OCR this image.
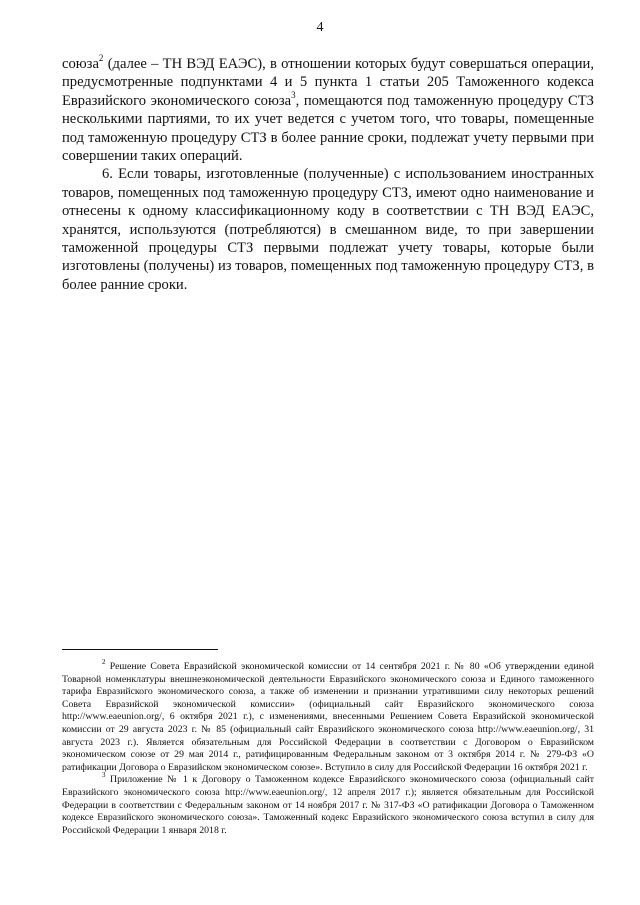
4

союза$^2$ (далее – ТН ВЭД ЕАЭС), в отношении которых будут совершаться операции, предусмотренные подпунктами 4 и 5 пункта 1 статьи 205 Таможенного кодекса Евразийского экономического союза$^3$, помещаются под таможенную процедуру СТЗ несколькими партиями, то их учет ведется с учетом того, что товары, помещенные под таможенную процедуру СТЗ в более ранние сроки, подлежат учету первыми при совершении таких операций.

6. Если товары, изготовленные (полученные) с использованием иностранных товаров, помещенных под таможенную процедуру СТЗ, имеют одно наименование и отнесены к одному классификационному коду в соответствии с ТН ВЭД ЕАЭС, хранятся, используются (потребляются) в смешанном виде, то при завершении таможенной процедуры СТЗ первыми подлежат учету товары, которые были изготовлены (получены) из товаров, помещенных под таможенную процедуру СТЗ, в более ранние сроки.

$^2$ Решение Совета Евразийской экономической комиссии от 14 сентября 2021 г. № 80 «Об утверждении единой Товарной номенклатуры внешнеэкономической деятельности Евразийского экономического союза и Единого таможенного тарифа Евразийского экономического союза, а также об изменении и признании утратившими силу некоторых решений Совета Евразийской экономической комиссии» (официальный сайт Евразийского экономического союза http://www.eaeunion.org/, 6 октября 2021 г.), с изменениями, внесенными Решением Совета Евразийской экономической комиссии от 29 августа 2023 г. № 85 (официальный сайт Евразийского экономического союза http://www.eaeunion.org/, 31 августа 2023 г.). Является обязательным для Российской Федерации в соответствии с Договором о Евразийском экономическом союзе от 29 мая 2014 г., ратифицированным Федеральным законом от 3 октября 2014 г. № 279-ФЗ «О ратификации Договора о Евразийском экономическом союзе». Вступило в силу для Российской Федерации 16 октября 2021 г.

$^3$ Приложение № 1 к Договору о Таможенном кодексе Евразийского экономического союза (официальный сайт Евразийского экономического союза http://www.eaeunion.org/, 12 апреля 2017 г.); является обязательным для Российской Федерации в соответствии с Федеральным законом от 14 ноября 2017 г. № 317-ФЗ «О ратификации Договора о Таможенном кодексе Евразийского экономического союза». Таможенный кодекс Евразийского экономического союза вступил в силу для Российской Федерации 1 января 2018 г.
